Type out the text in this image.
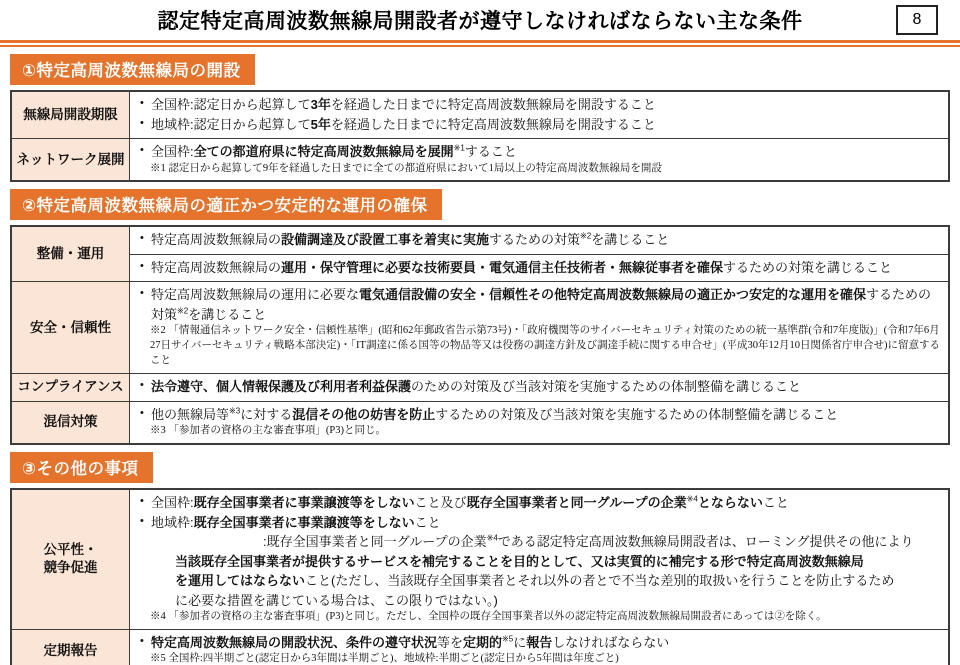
認定特定高周波数無線局開設者が遵守しなければならない主な条件	8
①特定高周波数無線局の開設
無線局開設期限
• 全国枠:認定日から起算して3年を経過した日までに特定高周波数無線局を開設すること
• 地域枠:認定日から起算して5年を経過した日までに特定高周波数無線局を開設すること
ネットワーク展開
• 全国枠:全ての都道府県に特定高周波数無線局を展開$^{※1}$すること
※1 認定日から起算して9年を経過した日までに全ての都道府県において1局以上の特定高周波数無線局を開設
②特定高周波数無線局の適正かつ安定的な運用の確保
整備・運用
• 特定高周波数無線局の設備調達及び設置工事を着実に実施するための対策$^{※2}$を講じること
• 特定高周波数無線局の運用・保守管理に必要な技術要員・電気通信主任技術者・無線従事者を確保するための対策を講じること
安全・信頼性
• 特定高周波数無線局の運用に必要な電気通信設備の安全・信頼性その他特定高周波数無線局の適正かつ安定的な運用を確保するための対策$^{※2}$を講じること
※2 「情報通信ネットワーク安全・信頼性基準」(昭和62年郵政省告示第73号)・「政府機関等のサイバーセキュリティ対策のための統一基準群(令和7年度版)」(令和7年6月27日サイバーセキュリティ戦略本部決定)・「IT調達に係る国等の物品等又は役務の調達方針及び調達手続に関する申合せ」(平成30年12月10日関係省庁申合せ)に留意すること
コンプライアンス	• 法令遵守、個人情報保護及び利用者利益保護のための対策及び当該対策を実施するための体制整備を講じること
混信対策
• 他の無線局等$^{※3}$に対する混信その他の妨害を防止するための対策及び当該対策を実施するための体制整備を講じること
※3 「参加者の資格の主な審査事項」(P3)と同じ。
③その他の事項
公平性・
競争促進
• 全国枠:既存全国事業者に事業譲渡等をしないこと及び既存全国事業者と同一グループの企業$^{※4}$とならないこと
• 地域枠:既存全国事業者に事業譲渡等をしないこと
:既存全国事業者と同一グループの企業$^{※4}$である認定特定高周波数無線局開設者は、ローミング提供その他により
当該既存全国事業者が提供するサービスを補完することを目的として、又は実質的に補完する形で特定高周波数無線局
を運用してはならないこと(ただし、当該既存全国事業者とそれ以外の者とで不当な差別的取扱いを行うことを防止するため
に必要な措置を講じている場合は、この限りではない。)
※4 「参加者の資格の主な審査事項」(P3)と同じ。ただし、全国枠の既存全国事業者以外の認定特定高周波数無線局開設者にあっては②を除く。
定期報告
• 特定高周波数無線局の開設状況、条件の遵守状況等を定期的$^{※5}$に報告しなければならない
※5 全国枠:四半期ごと(認定日から3年間は半期ごと)、地域枠:半期ごと(認定日から5年間は年度ごと)
